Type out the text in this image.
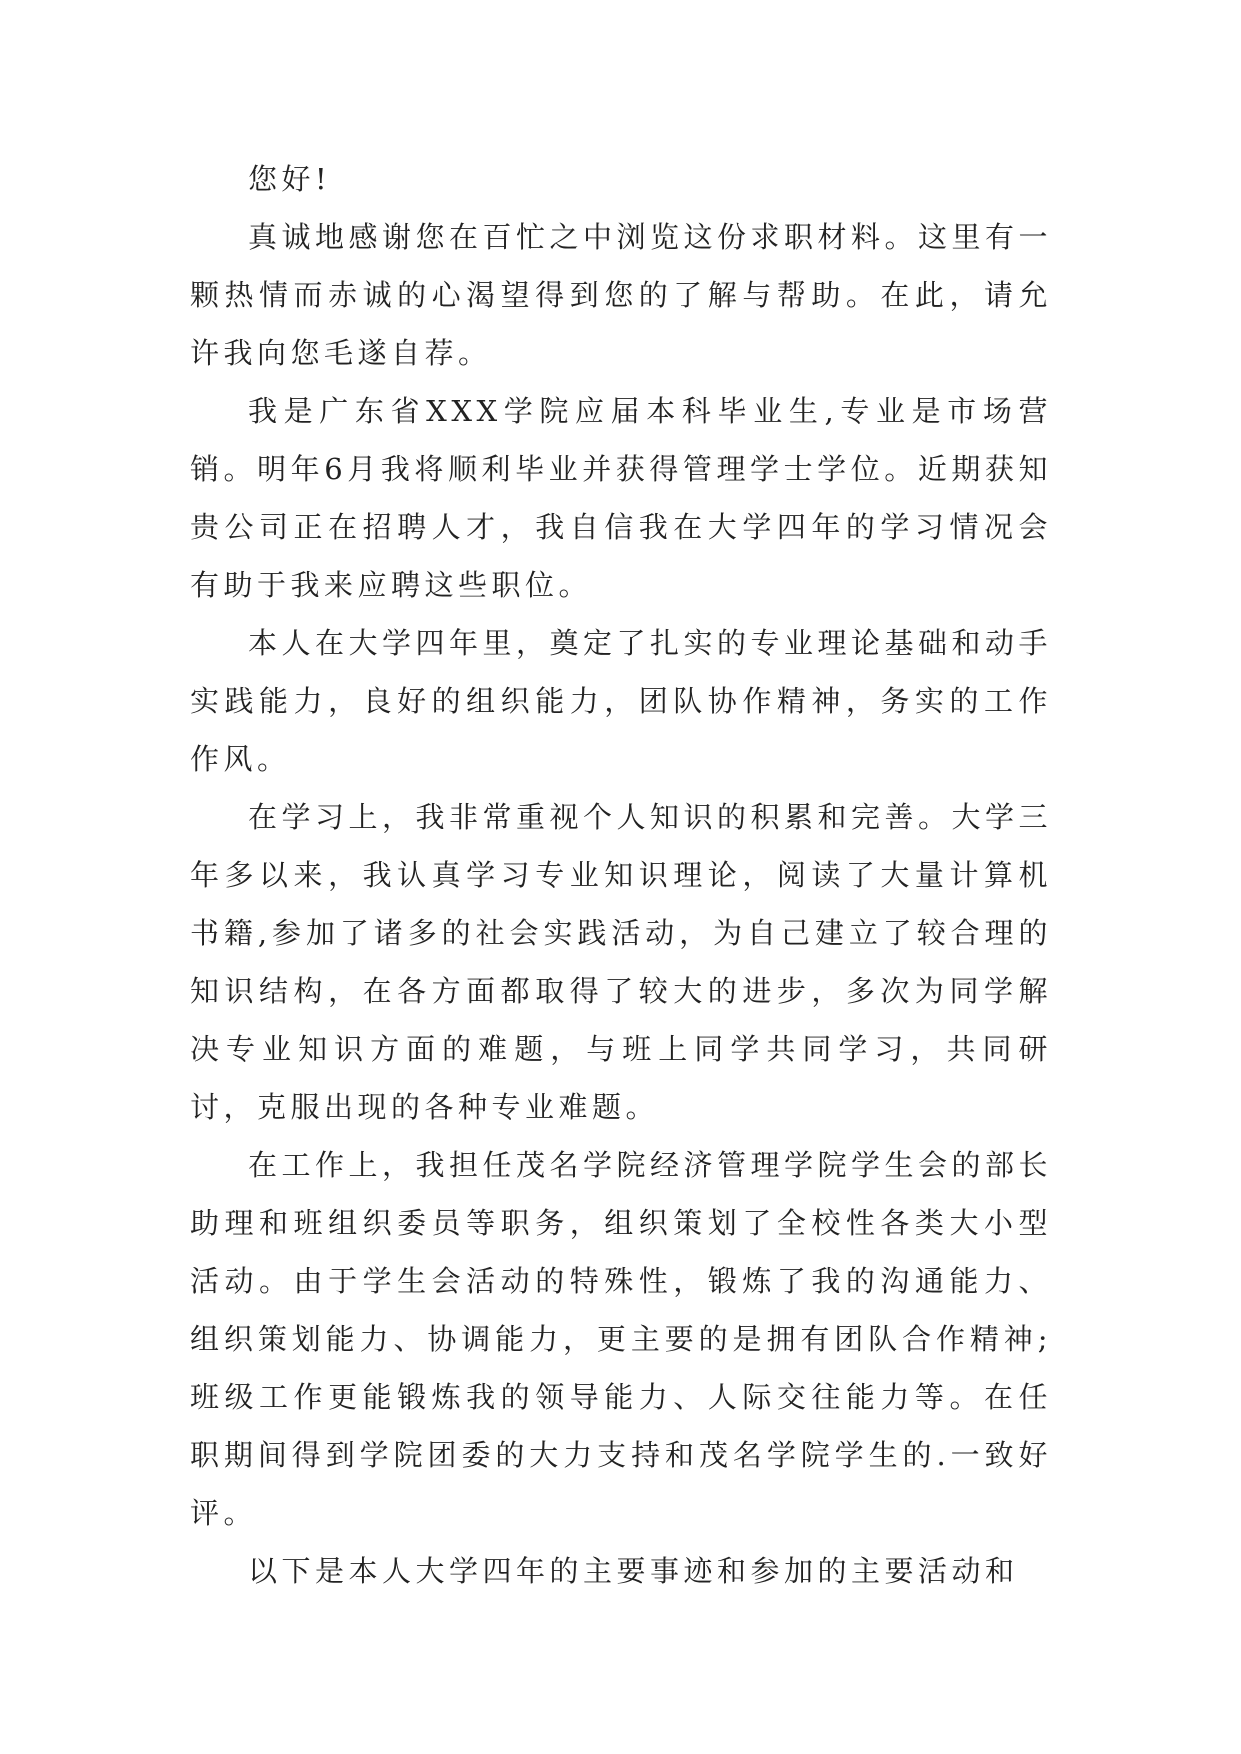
您好!

真诚地感谢您在百忙之中浏览这份求职材料。这里有一颗热情而赤诚的心渴望得到您的了解与帮助。在此，请允许我向您毛遂自荐。

我是广东省XXX学院应届本科毕业生,专业是市场营销。明年6月我将顺利毕业并获得管理学士学位。近期获知贵公司正在招聘人才，我自信我在大学四年的学习情况会有助于我来应聘这些职位。

本人在大学四年里，奠定了扎实的专业理论基础和动手实践能力，良好的组织能力，团队协作精神，务实的工作作风。

在学习上，我非常重视个人知识的积累和完善。大学三年多以来，我认真学习专业知识理论，阅读了大量计算机书籍,参加了诸多的社会实践活动，为自己建立了较合理的知识结构，在各方面都取得了较大的进步，多次为同学解决专业知识方面的难题，与班上同学共同学习，共同研讨，克服出现的各种专业难题。

在工作上，我担任茂名学院经济管理学院学生会的部长助理和班组织委员等职务，组织策划了全校性各类大小型活动。由于学生会活动的特殊性，锻炼了我的沟通能力、组织策划能力、协调能力，更主要的是拥有团队合作精神;班级工作更能锻炼我的领导能力、人际交往能力等。在任职期间得到学院团委的大力支持和茂名学院学生的.一致好评。

以下是本人大学四年的主要事迹和参加的主要活动和
